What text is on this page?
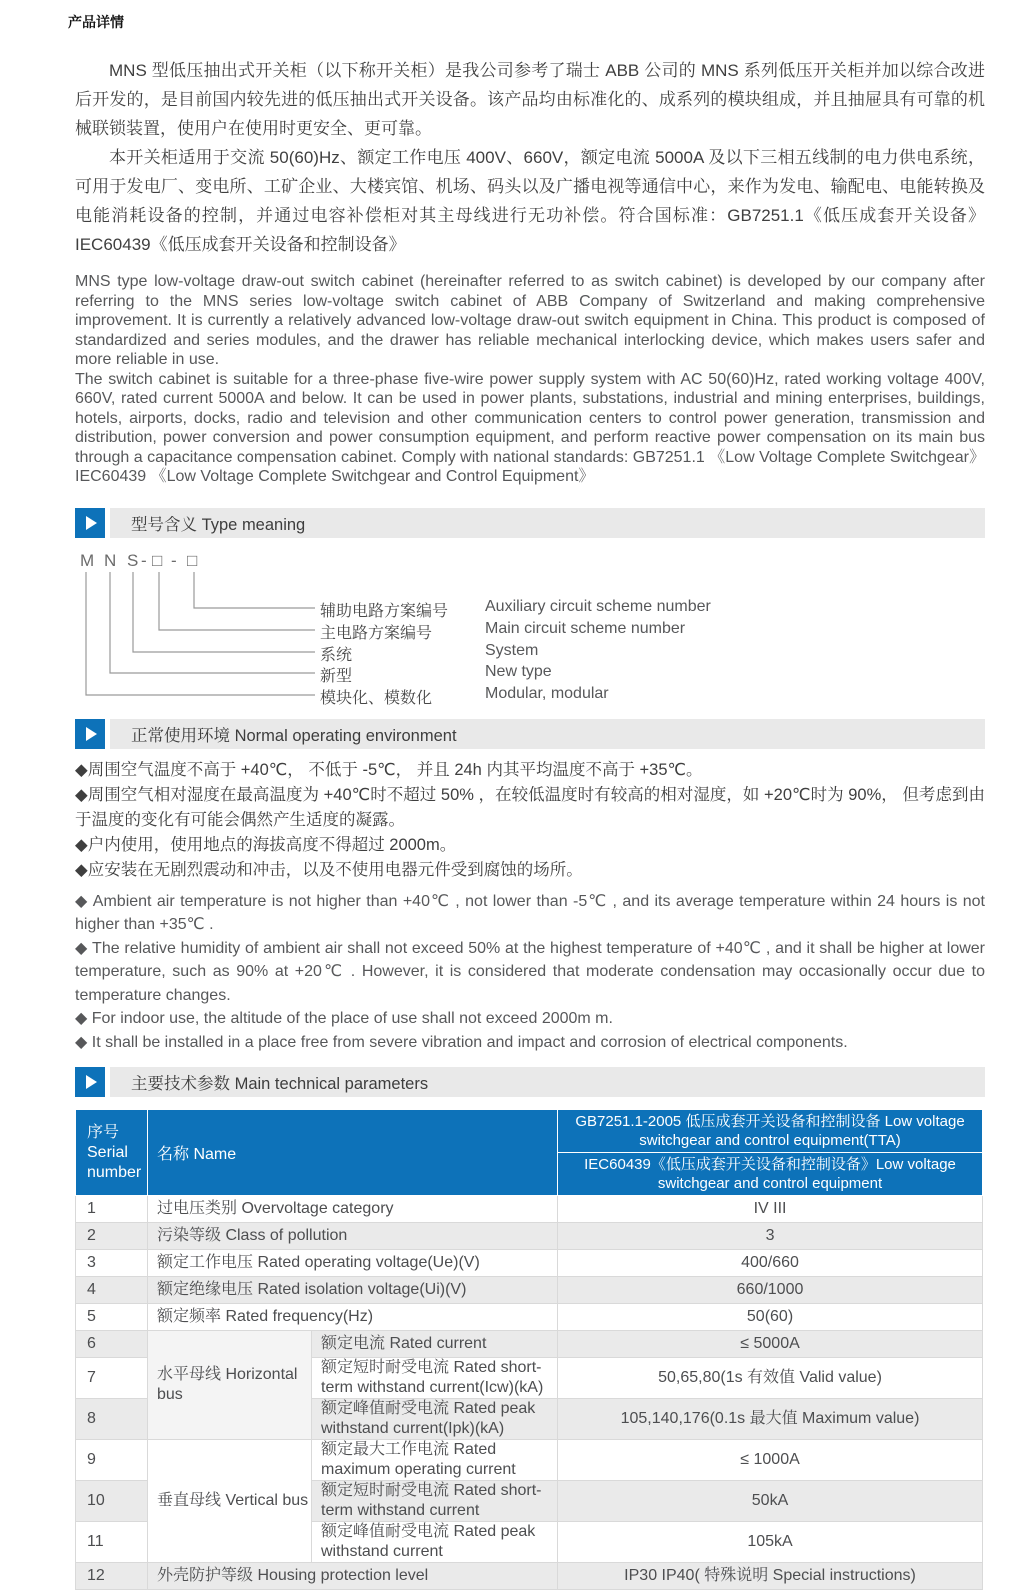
产品详情

MNS 型低压抽出式开关柜（以下称开关柜）是我公司参考了瑞士 ABB 公司的 MNS 系列低压开关柜并加以综合改进后开发的，是目前国内较先进的低压抽出式开关设备。该产品均由标准化的、成系列的模块组成，并且抽屉具有可靠的机械联锁装置，使用户在使用时更安全、更可靠。

本开关柜适用于交流 50(60)Hz、额定工作电压 400V、660V，额定电流 5000A 及以下三相五线制的电力供电系统，可用于发电厂、变电所、工矿企业、大楼宾馆、机场、码头以及广播电视等通信中心，来作为发电、输配电、电能转换及电能消耗设备的控制，并通过电容补偿柜对其主母线进行无功补偿。符合国标准：GB7251.1《低压成套开关设备》IEC60439《低压成套开关设备和控制设备》

MNS type low-voltage draw-out switch cabinet (hereinafter referred to as switch cabinet) is developed by our company after referring to the MNS series low-voltage switch cabinet of ABB Company of Switzerland and making comprehensive improvement. It is currently a relatively advanced low-voltage draw-out switch equipment in China. This product is composed of standardized and series modules, and the drawer has reliable mechanical interlocking device, which makes users safer and more reliable in use.

The switch cabinet is suitable for a three-phase five-wire power supply system with AC 50(60)Hz, rated working voltage 400V, 660V, rated current 5000A and below. It can be used in power plants, substations, industrial and mining enterprises, buildings, hotels, airports, docks, radio and television and other communication centers to control power generation, transmission and distribution, power conversion and power consumption equipment, and perform reactive power compensation on its main bus through a capacitance compensation cabinet. Comply with national standards: GB7251.1 《Low Voltage Complete Switchgear》 IEC60439 《Low Voltage Complete Switchgear and Control Equipment》

型号含义 Type meaning
M N S - □ - □
辅助电路方案编号	Auxiliary circuit scheme number
主电路方案编号	Main circuit scheme number
系统	System
新型	New type
模块化、模数化	Modular, modular
正常使用环境 Normal operating environment
◆周围空气温度不高于 +40℃， 不低于 -5℃， 并且 24h 内其平均温度不高于 +35℃。
◆周围空气相对湿度在最高温度为 +40℃时不超过 50% ，在较低温度时有较高的相对湿度，如 +20℃时为 90%， 但考虑到由于温度的变化有可能会偶然产生适度的凝露。
◆户内使用，使用地点的海拔高度不得超过 2000m。
◆应安装在无剧烈震动和冲击，以及不使用电器元件受到腐蚀的场所。
◆ Ambient air temperature is not higher than +40℃ , not lower than -5℃ , and its average temperature within 24 hours is not higher than +35℃ .
◆ The relative humidity of ambient air shall not exceed 50% at the highest temperature of +40℃ , and it shall be higher at lower temperature, such as 90% at +20℃ . However, it is considered that moderate condensation may occasionally occur due to temperature changes.
◆ For indoor use, the altitude of the place of use shall not exceed 2000m m.
◆ It shall be installed in a place free from severe vibration and impact and corrosion of electrical components.
主要技术参数 Main technical parameters
序号 Serial number	名称 Name		GB7251.1-2005 低压成套开关设备和控制设备 Low voltage switchgear and control equipment(TTA)
			IEC60439《低压成套开关设备和控制设备》Low voltage switchgear and control equipment
1	过电压类别 Overvoltage category		IV III
2	污染等级 Class of pollution		3
3	额定工作电压 Rated operating voltage(Ue)(V)		400/660
4	额定绝缘电压 Rated isolation voltage(Ui)(V)		660/1000
5	额定频率 Rated frequency(Hz)		50(60)
6	水平母线 Horizontal bus	额定电流 Rated current	≤ 5000A
7		额定短时耐受电流 Rated short-term withstand current(Icw)(kA)	50,65,80(1s 有效值 Valid value)
8		额定峰值耐受电流 Rated peak withstand current(Ipk)(kA)	105,140,176(0.1s 最大值 Maximum value)
9	垂直母线 Vertical bus	额定最大工作电流 Rated maximum operating current	≤ 1000A
10		额定短时耐受电流 Rated short-term withstand current	50kA
11		额定峰值耐受电流 Rated peak withstand current	105kA
12	外壳防护等级 Housing protection level		IP30 IP40( 特殊说明 Special instructions)
